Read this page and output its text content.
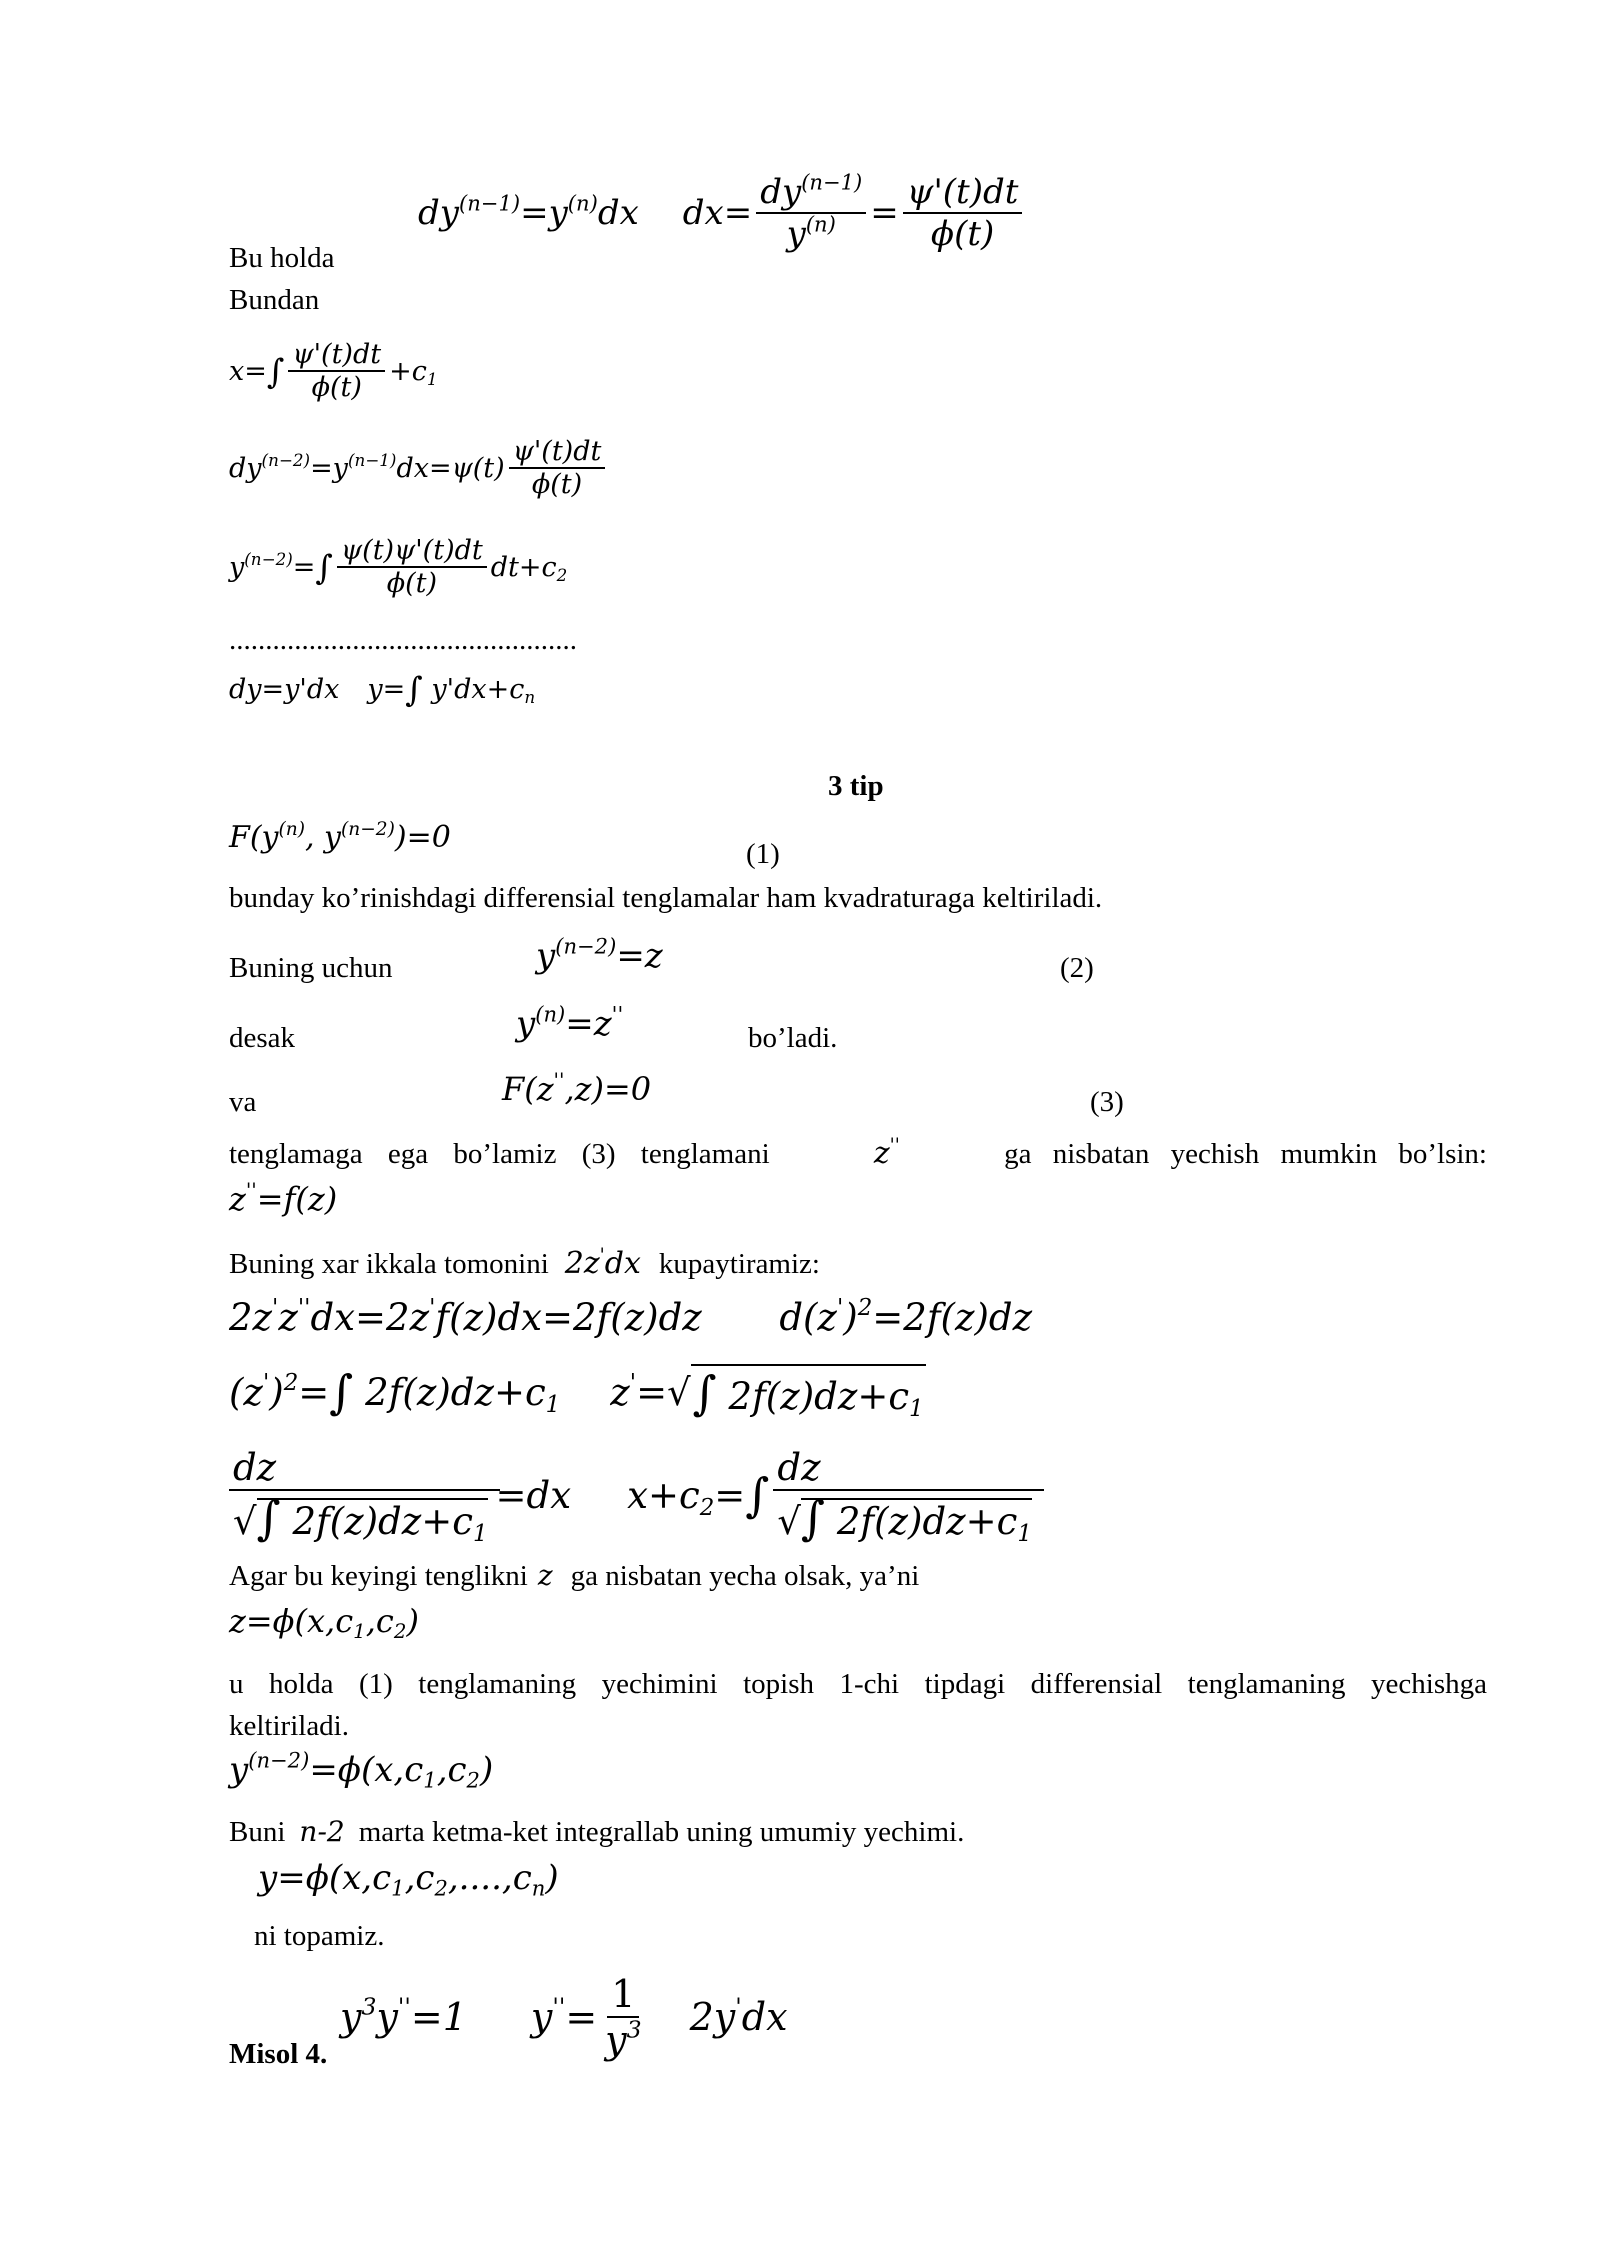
$dy^{(n-1)}=y^{(n)}dx$ $dx= \frac{dy^{(n-1)}}{y^{(n)}} = \frac{\psi'(t)dt}{\phi(t)}$
Bu holda
Bundan
x= ∫ $\frac{\psi'(t)dt}{\phi(t)} +c_1$
$dy^{(n-2)}=y^{(n-1)}dx=\psi(t) \frac{\psi'(t)dt}{\phi(t)}$
$y^{(n-2)}=$ ∫ $\frac{\psi(t)\psi'(t)dt}{\phi(t)} dt+c_2$
................................................
dy=y'dx y= ∫ $y'dx+c_n$
3 tip
$F(y^{(n)}$, $y^{(n-2)})=0$	(1)
bunday ko’rinishdagi differensial tenglamalar ham kvadraturaga keltiriladi.
Buning uchun	$y^{(n-2)}=z$	(2)
desak	$y^{(n)}=z''$
bo’ladi.
va	F(z'',z)=0	(3)
tenglamaga ega bo’lamiz (3) tenglamani	z''	ga nisbatan yechish mumkin bo’lsin:
z''=f(z)
Buning xar ikkala tomonini 2z'dx kupaytiramiz:
2z'z''dx=2z'f(z)dx=2f(z)dz $d(z')^2=2f(z)dz$
$(z')^2=$ ∫ $2f(z)dz+c_1$ z'= √ ∫ $2f(z)dz+c_1$
$\frac{dz}{√\int 2f(z)dz+c_1} =dx$ $x+c_2=$ ∫ $\frac{dz}{√\int 2f(z)dz+c_1}$
Agar bu keyingi tenglikni z ga nisbatan yecha olsak, ya’ni
$z=\phi(x,c_1,c_2)$
u holda (1) tenglamaning yechimini topish 1-chi tipdagi differensial tenglamaning yechishga
keltiriladi.
$y^{(n-2)}=\phi(x,c_1,c_2)$
Buni n-2 marta ketma-ket integrallab uning umumiy yechimi.
$y=\phi(x,c_1,c_2,....,c_n)$
ni topamiz.
$y^3y''=1$ $y''= \frac{1}{y^3} 2y'dx$
Misol 4.
